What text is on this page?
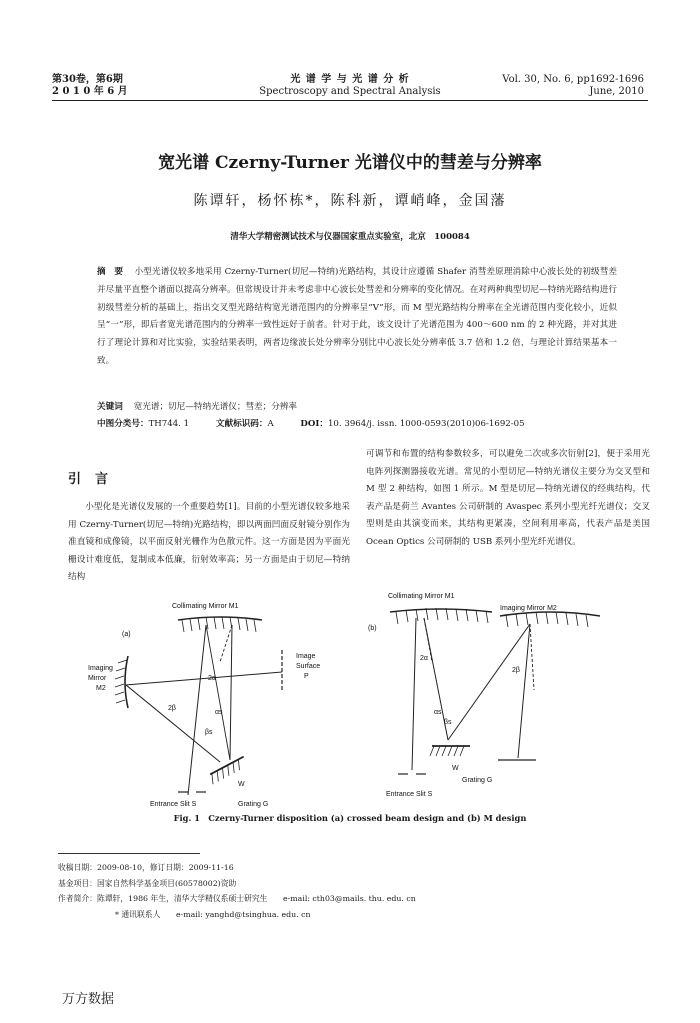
第30卷，第6期
2 0 1 0 年 6 月
光 谱 学 与 光 谱 分 析
Spectroscopy and Spectral Analysis
Vol. 30, No. 6, pp1692-1696
June, 2010
宽光谱 Czerny-Turner 光谱仪中的彗差与分辨率
陈谭轩，杨怀栋*，陈科新，谭峭峰，金国藩
清华大学精密测试技术与仪器国家重点实验室，北京　100084
摘　要 小型光谱仪较多地采用 Czerny-Turner(切尼—特纳)光路结构，其设计应遵循 Shafer 消彗差原理消除中心波长处的初级彗差并尽量平直整个谱面以提高分辨率。但常规设计并未考虑非中心波长处彗差和分辨率的变化情况。在对两种典型切尼—特纳光路结构进行初级彗差分析的基础上，指出交叉型光路结构宽光谱范围内的分辨率呈“V”形，而 M 型光路结构分辨率在全光谱范围内变化较小，近似呈“一”形，即后者宽光谱范围内的分辨率一致性远好于前者。针对于此，该文设计了光谱范围为 400～600 nm 的 2 种光路，并对其进行了理论计算和对比实验，实验结果表明，两者边缘波长处分辨率分别比中心波长处分辨率低 3.7 倍和 1.2 倍，与理论计算结果基本一致。
关键词 宽光谱；切尼—特纳光谱仪；彗差；分辨率
中图分类号：TH744. 1	文献标识码：A	DOI：10. 3964/j. issn. 1000-0593(2010)06-1692-05
引言
小型化是光谱仪发展的一个重要趋势[1]。目前的小型光谱仪较多地采用 Czerny-Turner(切尼—特纳)光路结构，即以两面凹面反射镜分别作为准直镜和成像镜，以平面反射光栅作为色散元件。这一方面是因为平面光栅设计难度低，复制成本低廉，衍射效率高；另一方面是由于切尼—特纳结构
可调节和布置的结构参数较多，可以避免二次或多次衍射[2]，便于采用光电阵列探测器接收光谱。常见的小型切尼—特纳光谱仪主要分为交叉型和 M 型 2 种结构，如图 1 所示。M 型是切尼—特纳光谱仪的经典结构，代表产品是荷兰 Avantes 公司研制的 Avaspec 系列小型光纤光谱仪；交叉型则是由其演变而来，其结构更紧凑，空间利用率高，代表产品是美国 Ocean Optics 公司研制的 USB 系列小型光纤光谱仪。
Collimating Mirror M1
(a)
Imaging
Mirror
M2
Image
Surface
P
2α
2β
αs
βs
W
Entrance Slit S	Grating G
Collimating Mirror M1
Imaging Mirror M2
(b)
2α
2β
αs
βs
W
Grating G
Entrance Slit S
Fig. 1　Czerny-Turner disposition (a) crossed beam design and (b) M design
收稿日期：2009-08-10，修订日期：2009-11-16
基金项目：国家自然科学基金项目(60578002)资助
作者简介：陈谭轩，1986 年生，清华大学精仪系硕士研究生　　e-mail: cth03@mails. thu. edu. cn
* 通讯联系人　　e-mail: yanghd@tsinghua. edu. cn
万方数据
